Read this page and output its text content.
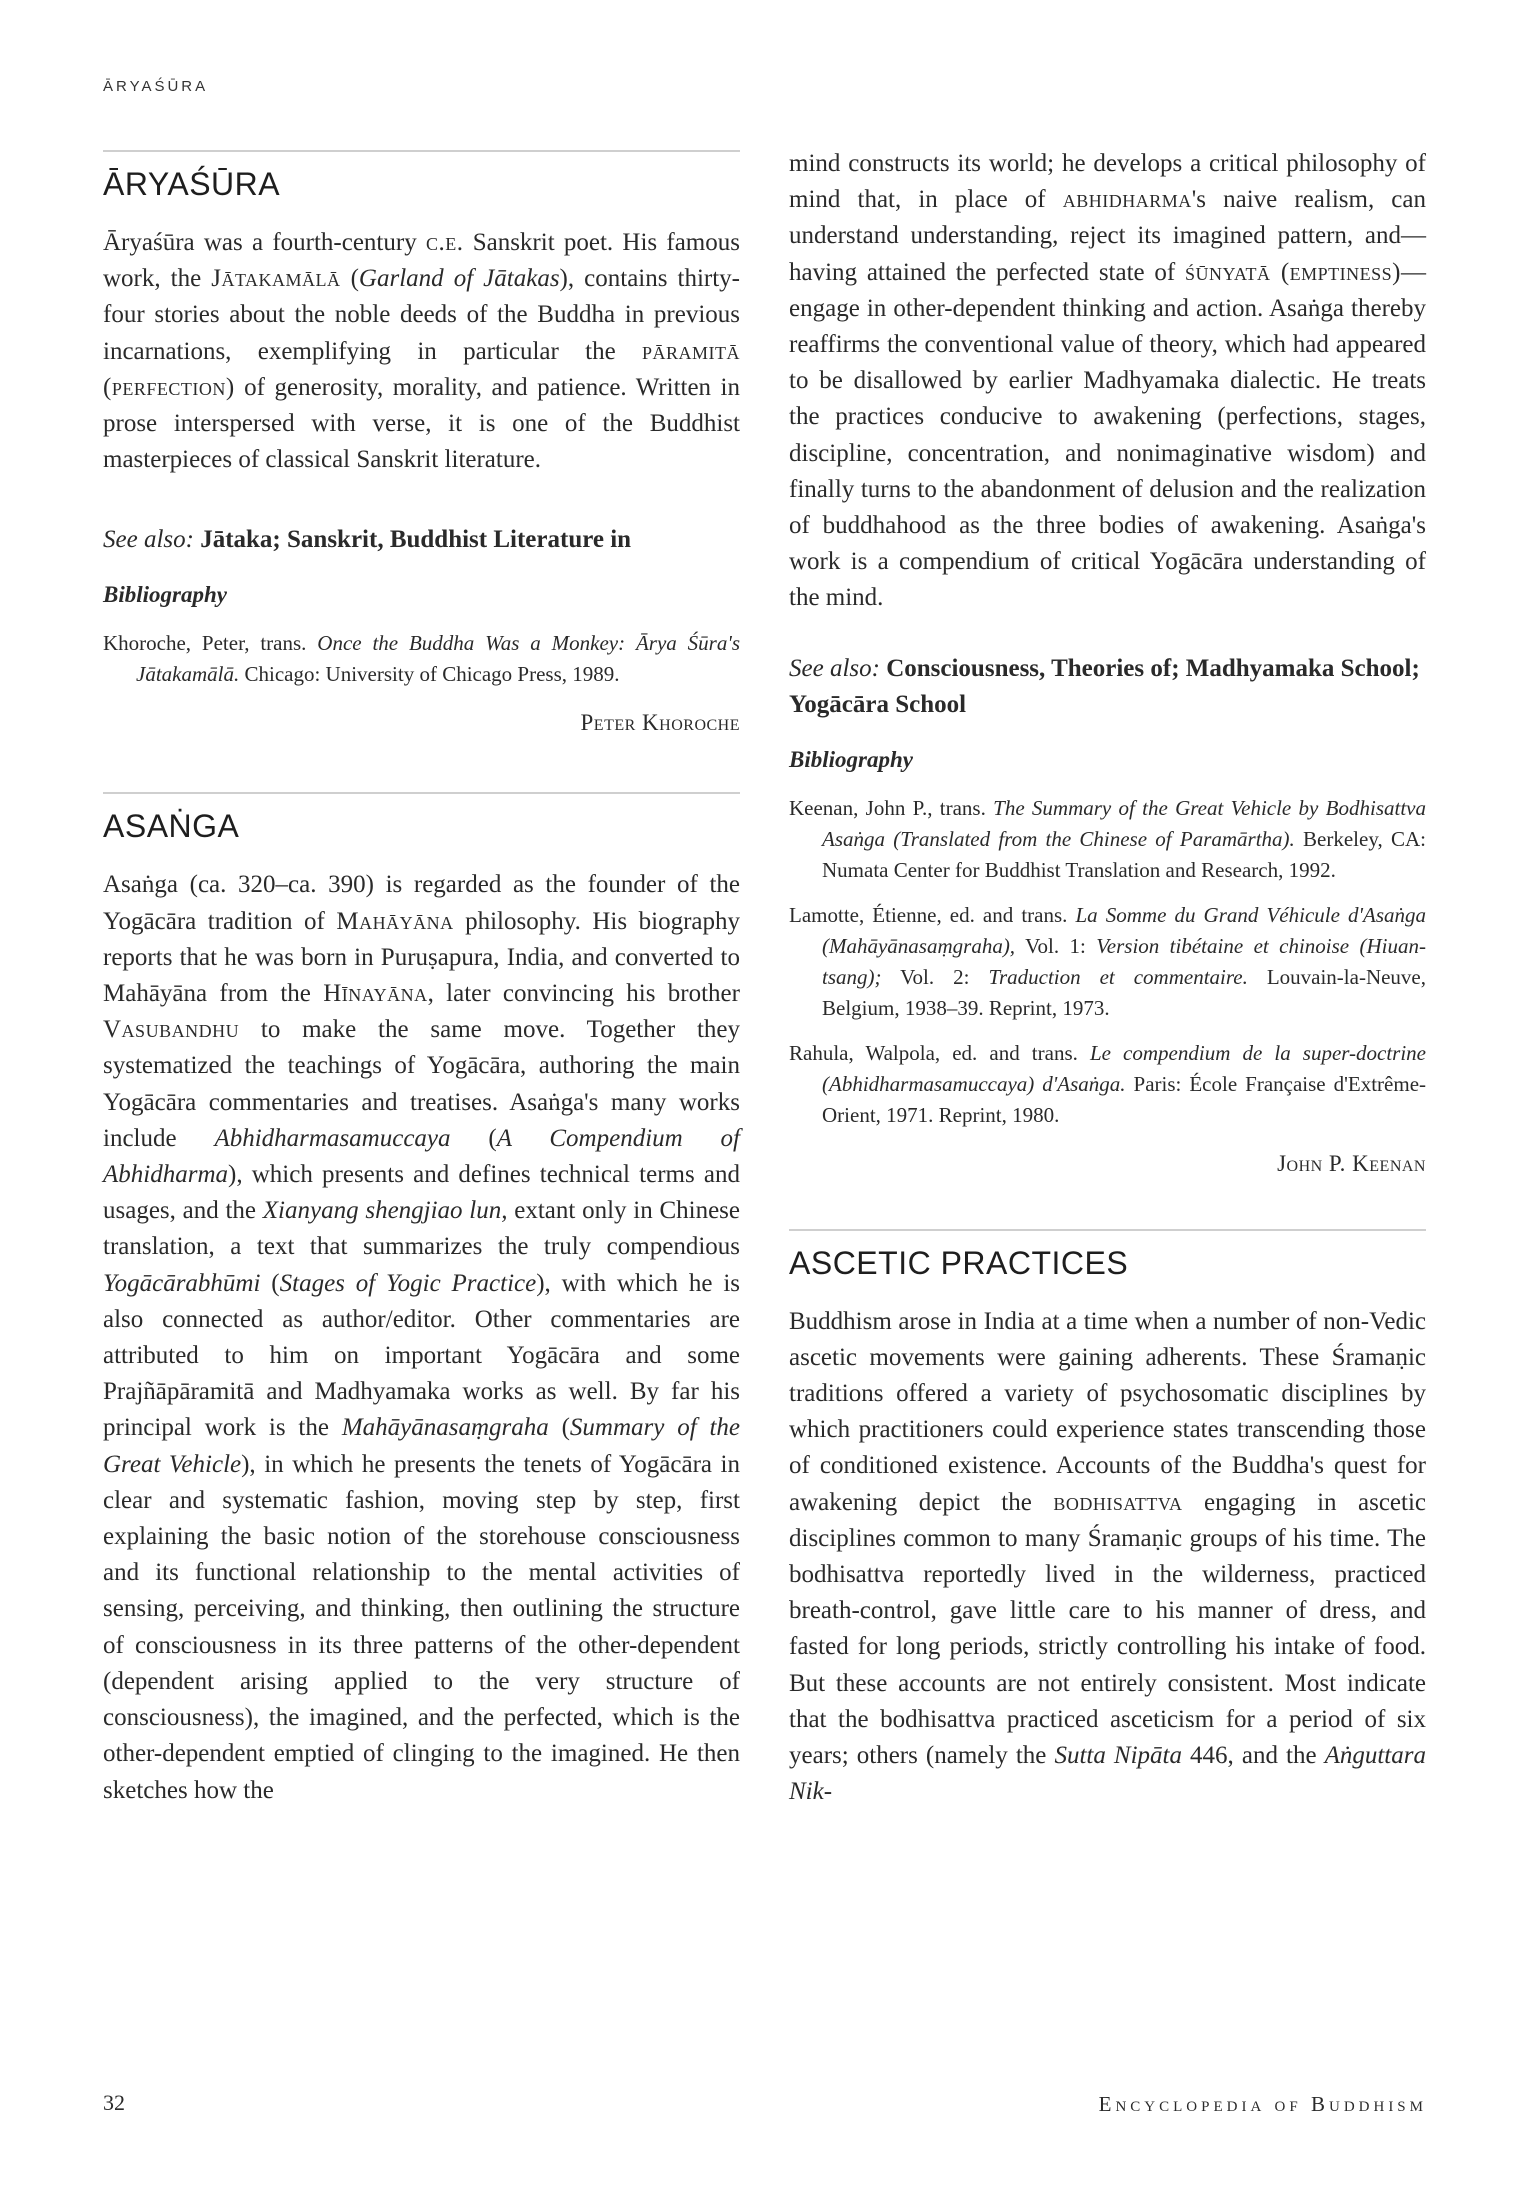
ĀRYAŚŪRA
ĀRYAŚŪRA

Āryaśūra was a fourth-century c.e. Sanskrit poet. His famous work, the Jātakamālā (Garland of Jātakas), contains thirty-four stories about the noble deeds of the Buddha in previous incarnations, exemplifying in particular the pāramitā (perfection) of generosity, morality, and patience. Written in prose interspersed with verse, it is one of the Buddhist masterpieces of classical Sanskrit literature.

See also: Jātaka; Sanskrit, Buddhist Literature in

Bibliography

Khoroche, Peter, trans. Once the Buddha Was a Monkey: Ārya Śūra's Jātakamālā. Chicago: University of Chicago Press, 1989.

Peter Khoroche

ASAṄGA

Asaṅga (ca. 320–ca. 390) is regarded as the founder of the Yogācāra tradition of Mahāyāna philosophy. His biography reports that he was born in Puruṣapura, India, and converted to Mahāyāna from the Hīnayāna, later convincing his brother Vasubandhu to make the same move. Together they systematized the teachings of Yogācāra, authoring the main Yogācāra commentaries and treatises. Asaṅga's many works include Abhidharmasamuccaya (A Compendium of Abhidharma), which presents and defines technical terms and usages, and the Xianyang shengjiao lun, extant only in Chinese translation, a text that summarizes the truly compendious Yogācārabhūmi (Stages of Yogic Practice), with which he is also connected as author/editor. Other commentaries are attributed to him on important Yogācāra and some Prajñāpāramitā and Madhyamaka works as well. By far his principal work is the Mahāyānasaṃgraha (Summary of the Great Vehicle), in which he presents the tenets of Yogācāra in clear and systematic fashion, moving step by step, first explaining the basic notion of the storehouse consciousness and its functional relationship to the mental activities of sensing, perceiving, and thinking, then outlining the structure of consciousness in its three patterns of the other-dependent (dependent arising applied to the very structure of consciousness), the imagined, and the perfected, which is the other-dependent emptied of clinging to the imagined. He then sketches how the

mind constructs its world; he develops a critical philosophy of mind that, in place of abhidharma's naive realism, can understand understanding, reject its imagined pattern, and—having attained the perfected state of śūnyatā (emptiness)—engage in other-dependent thinking and action. Asaṅga thereby reaffirms the conventional value of theory, which had appeared to be disallowed by earlier Madhyamaka dialectic. He treats the practices conducive to awakening (perfections, stages, discipline, concentration, and nonimaginative wisdom) and finally turns to the abandonment of delusion and the realization of buddhahood as the three bodies of awakening. Asaṅga's work is a compendium of critical Yogācāra understanding of the mind.

See also: Consciousness, Theories of; Madhyamaka School; Yogācāra School

Bibliography

Keenan, John P., trans. The Summary of the Great Vehicle by Bodhisattva Asaṅga (Translated from the Chinese of Paramārtha). Berkeley, CA: Numata Center for Buddhist Translation and Research, 1992.

Lamotte, Étienne, ed. and trans. La Somme du Grand Véhicule d'Asaṅga (Mahāyānasaṃgraha), Vol. 1: Version tibétaine et chinoise (Hiuan-tsang); Vol. 2: Traduction et commentaire. Louvain-la-Neuve, Belgium, 1938–39. Reprint, 1973.

Rahula, Walpola, ed. and trans. Le compendium de la super-doctrine (Abhidharmasamuccaya) d'Asaṅga. Paris: École Française d'Extrême-Orient, 1971. Reprint, 1980.

John P. Keenan

ASCETIC PRACTICES

Buddhism arose in India at a time when a number of non-Vedic ascetic movements were gaining adherents. These Śramaṇic traditions offered a variety of psychosomatic disciplines by which practitioners could experience states transcending those of conditioned existence. Accounts of the Buddha's quest for awakening depict the bodhisattva engaging in ascetic disciplines common to many Śramaṇic groups of his time. The bodhisattva reportedly lived in the wilderness, practiced breath-control, gave little care to his manner of dress, and fasted for long periods, strictly controlling his intake of food. But these accounts are not entirely consistent. Most indicate that the bodhisattva practiced asceticism for a period of six years; others (namely the Sutta Nipāta 446, and the Aṅguttara Nik-

32	Encyclopedia of Buddhism
